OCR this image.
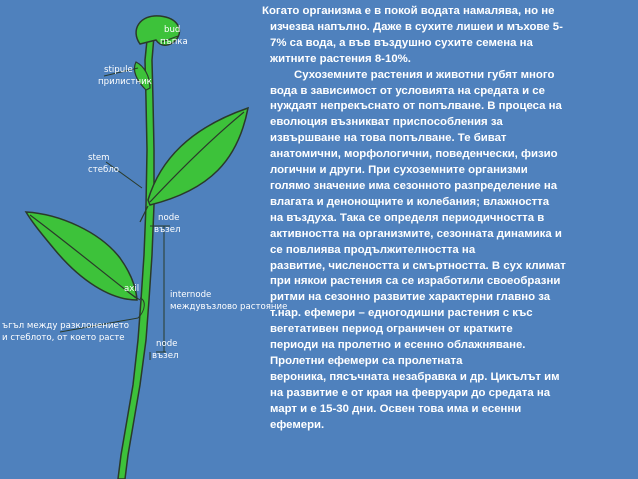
stipule
прилистник
bud
пъпка
stem
стебло
node
възел
axil
internode
междувъзлово растояние
ъгъл между разклонението
и стеблото, от което расте
node
възел

Когато организма е в покой водата намалява, но не
изчезва напълно. Даже в сухите лишеи и мъхове 5-
7% са вода, а във въздушно сухите семена на
житните растения 8-10%.

Сухоземните растения и животни губят много
вода в зависимост от условията на средата и се
нуждаят непрекъснато от попълване. В процеса на
еволюция възникват приспособления за
извършване на това попълване. Те биват
анатомични, морфологични, поведенчески, физио
логични и други. При сухоземните организми
голямо значение има сезонното разпределение на
влагата и денонощните и колебания; влажността
на въздуха. Така се определя периодичността в
активността на организмите, сезонната динамика и
се повлиява продължителността на
развитие, числеността и смъртността. В сух климат
при някои растения са се изработили своеобразни
ритми на сезонно развитие характерни главно за
т.нар. ефемери – едногодишни растения с къс
вегетативен период ограничен от кратките
периоди на пролетно и есенно облажняване.
Пролетни ефемери са пролетната
вероника, пясъчната незабравка и др. Цикълът им
на развитие е от края на февруари до средата на
март и е 15-30 дни. Освен това има и есенни
ефемери.
